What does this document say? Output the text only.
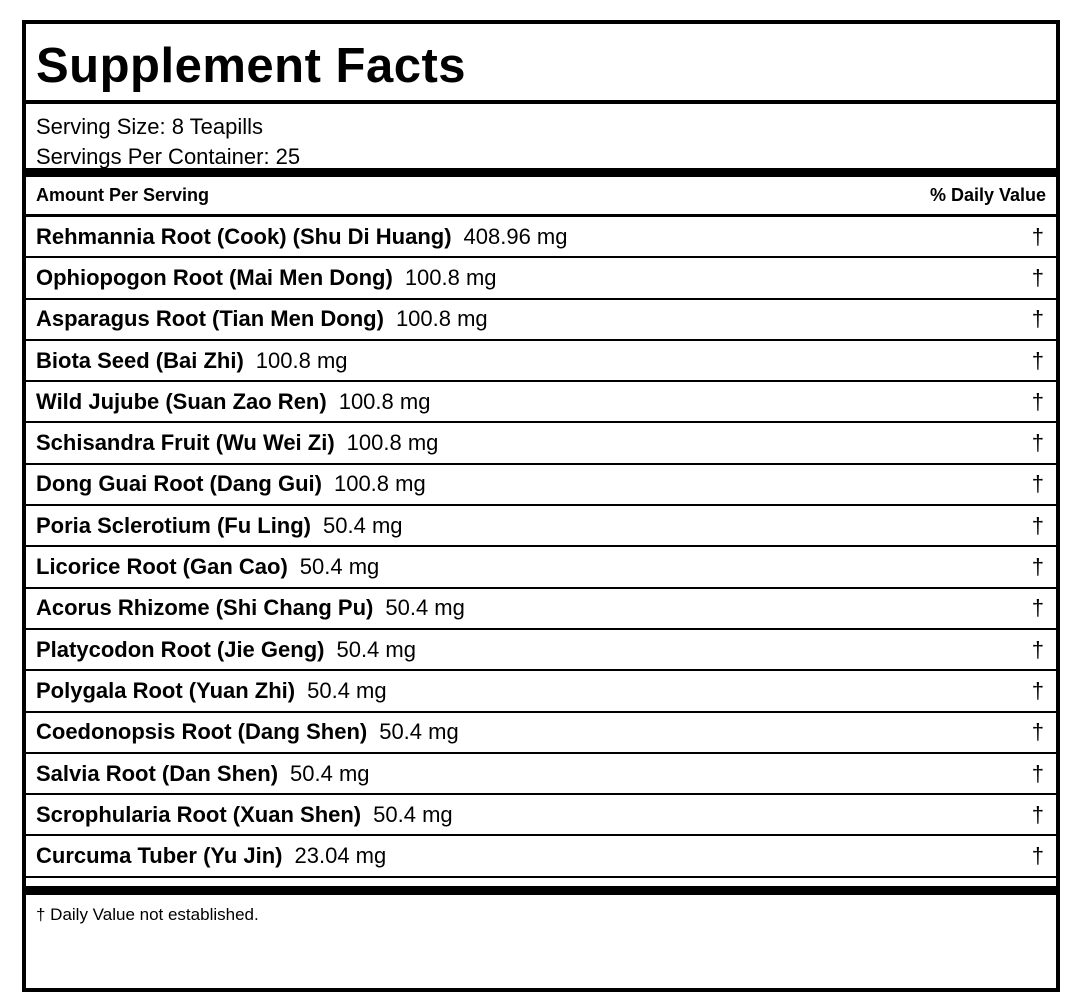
Supplement Facts
Serving Size: 8 Teapills
Servings Per Container: 25
Amount Per Serving	% Daily Value
Rehmannia Root (Cook) (Shu Di Huang) 408.96 mg	†
Ophiopogon Root (Mai Men Dong) 100.8 mg	†
Asparagus Root (Tian Men Dong) 100.8 mg	†
Biota Seed (Bai Zhi) 100.8 mg	†
Wild Jujube (Suan Zao Ren) 100.8 mg	†
Schisandra Fruit (Wu Wei Zi) 100.8 mg	†
Dong Guai Root (Dang Gui) 100.8 mg	†
Poria Sclerotium (Fu Ling) 50.4 mg	†
Licorice Root (Gan Cao) 50.4 mg	†
Acorus Rhizome (Shi Chang Pu) 50.4 mg	†
Platycodon Root (Jie Geng) 50.4 mg	†
Polygala Root (Yuan Zhi) 50.4 mg	†
Coedonopsis Root (Dang Shen) 50.4 mg	†
Salvia Root (Dan Shen) 50.4 mg	†
Scrophularia Root (Xuan Shen) 50.4 mg	†
Curcuma Tuber (Yu Jin) 23.04 mg	†
† Daily Value not established.
